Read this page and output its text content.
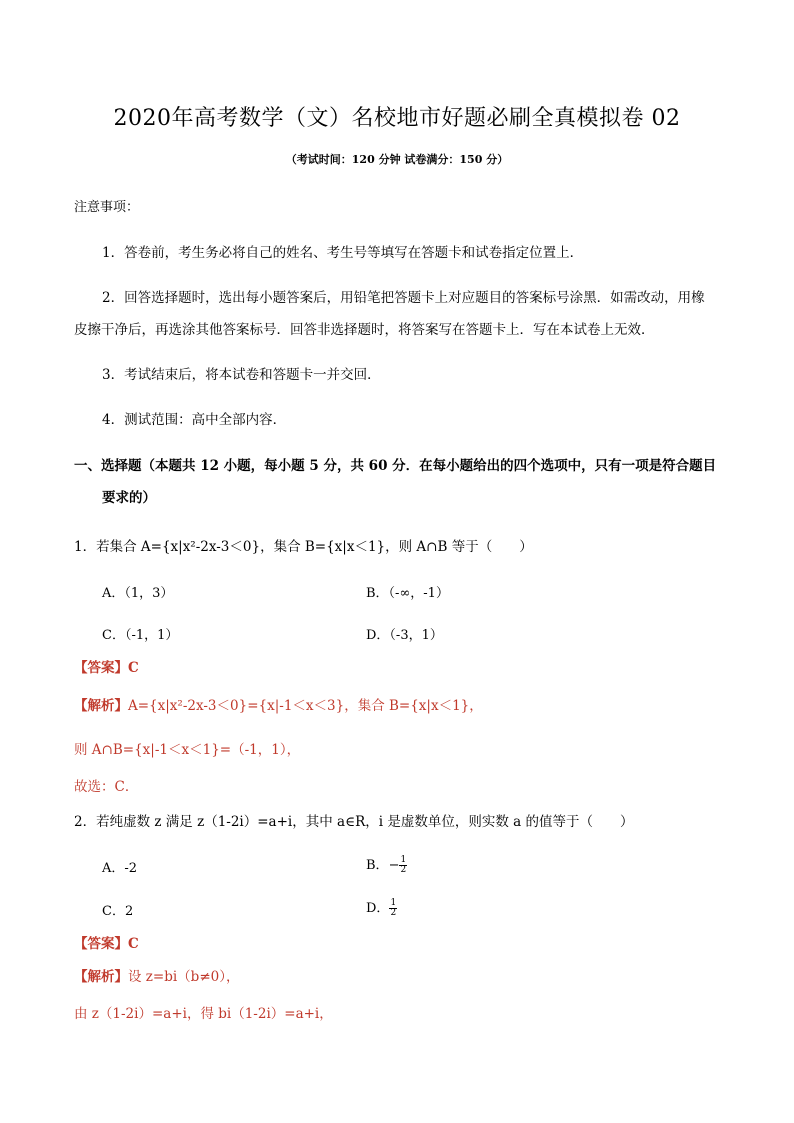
2020年高考数学（文）名校地市好题必刷全真模拟卷 02
（考试时间：120 分钟 试卷满分：150 分）
注意事项：
1．答卷前，考生务必将自己的姓名、考生号等填写在答题卡和试卷指定位置上．
2．回答选择题时，选出每小题答案后，用铅笔把答题卡上对应题目的答案标号涂黑．如需改动，用橡
皮擦干净后，再选涂其他答案标号．回答非选择题时，将答案写在答题卡上．写在本试卷上无效．
3．考试结束后，将本试卷和答题卡一并交回．
4．测试范围：高中全部内容．
一、选择题（本题共 12 小题，每小题 5 分，共 60 分．在每小题给出的四个选项中，只有一项是符合题目
要求的）
1．若集合 A={x|x²-2x-3＜0}，集合 B={x|x＜1}，则 A∩B 等于（　　）
A．（1，3）	B．（-∞，-1）
C．（-1，1）	D．（-3，1）
【答案】C
【解析】A={x|x²-2x-3＜0}={x|-1＜x＜3}，集合 B={x|x＜1}，
则 A∩B={x|-1＜x＜1}=（-1，1），
故选：C．
2．若纯虚数 z 满足 z（1-2i）=a+i，其中 a∈R，i 是虚数单位，则实数 a 的值等于（　　）
A．-2	B．− $\frac{1}{2}$
C．2	D． $\frac{1}{2}$
【答案】C
【解析】设 z=bi（b≠0），
由 z（1-2i）=a+i，得 bi（1-2i）=a+i，
